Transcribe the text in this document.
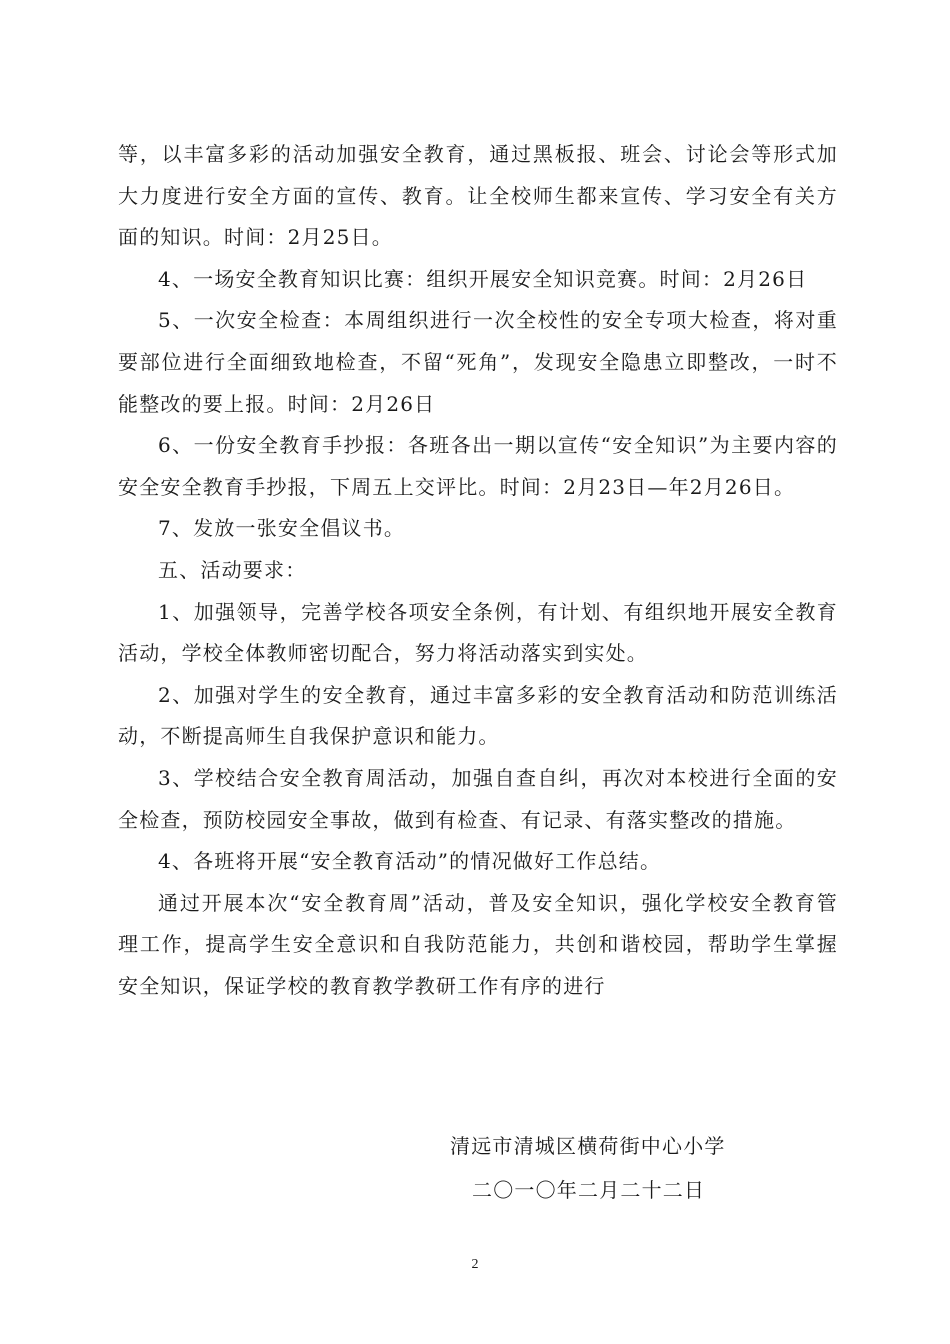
等，以丰富多彩的活动加强安全教育，通过黑板报、班会、讨论会等形式加大力度进行安全方面的宣传、教育。让全校师生都来宣传、学习安全有关方面的知识。时间：2月25日。

4、一场安全教育知识比赛：组织开展安全知识竞赛。时间：2月26日

5、一次安全检查：本周组织进行一次全校性的安全专项大检查，将对重要部位进行全面细致地检查，不留“死角”，发现安全隐患立即整改，一时不能整改的要上报。时间：2月26日

6、一份安全教育手抄报：各班各出一期以宣传“安全知识”为主要内容的安全安全教育手抄报，下周五上交评比。时间：2月23日—年2月26日。

7、发放一张安全倡议书。

五、活动要求：

1、加强领导，完善学校各项安全条例，有计划、有组织地开展安全教育活动，学校全体教师密切配合，努力将活动落实到实处。

2、加强对学生的安全教育，通过丰富多彩的安全教育活动和防范训练活动，不断提高师生自我保护意识和能力。

3、学校结合安全教育周活动，加强自查自纠，再次对本校进行全面的安全检查，预防校园安全事故，做到有检查、有记录、有落实整改的措施。

4、各班将开展“安全教育活动”的情况做好工作总结。

通过开展本次“安全教育周”活动，普及安全知识，强化学校安全教育管理工作，提高学生安全意识和自我防范能力，共创和谐校园，帮助学生掌握安全知识，保证学校的教育教学教研工作有序的进行

清远市清城区横荷街中心小学

二〇一〇年二月二十二日

2
